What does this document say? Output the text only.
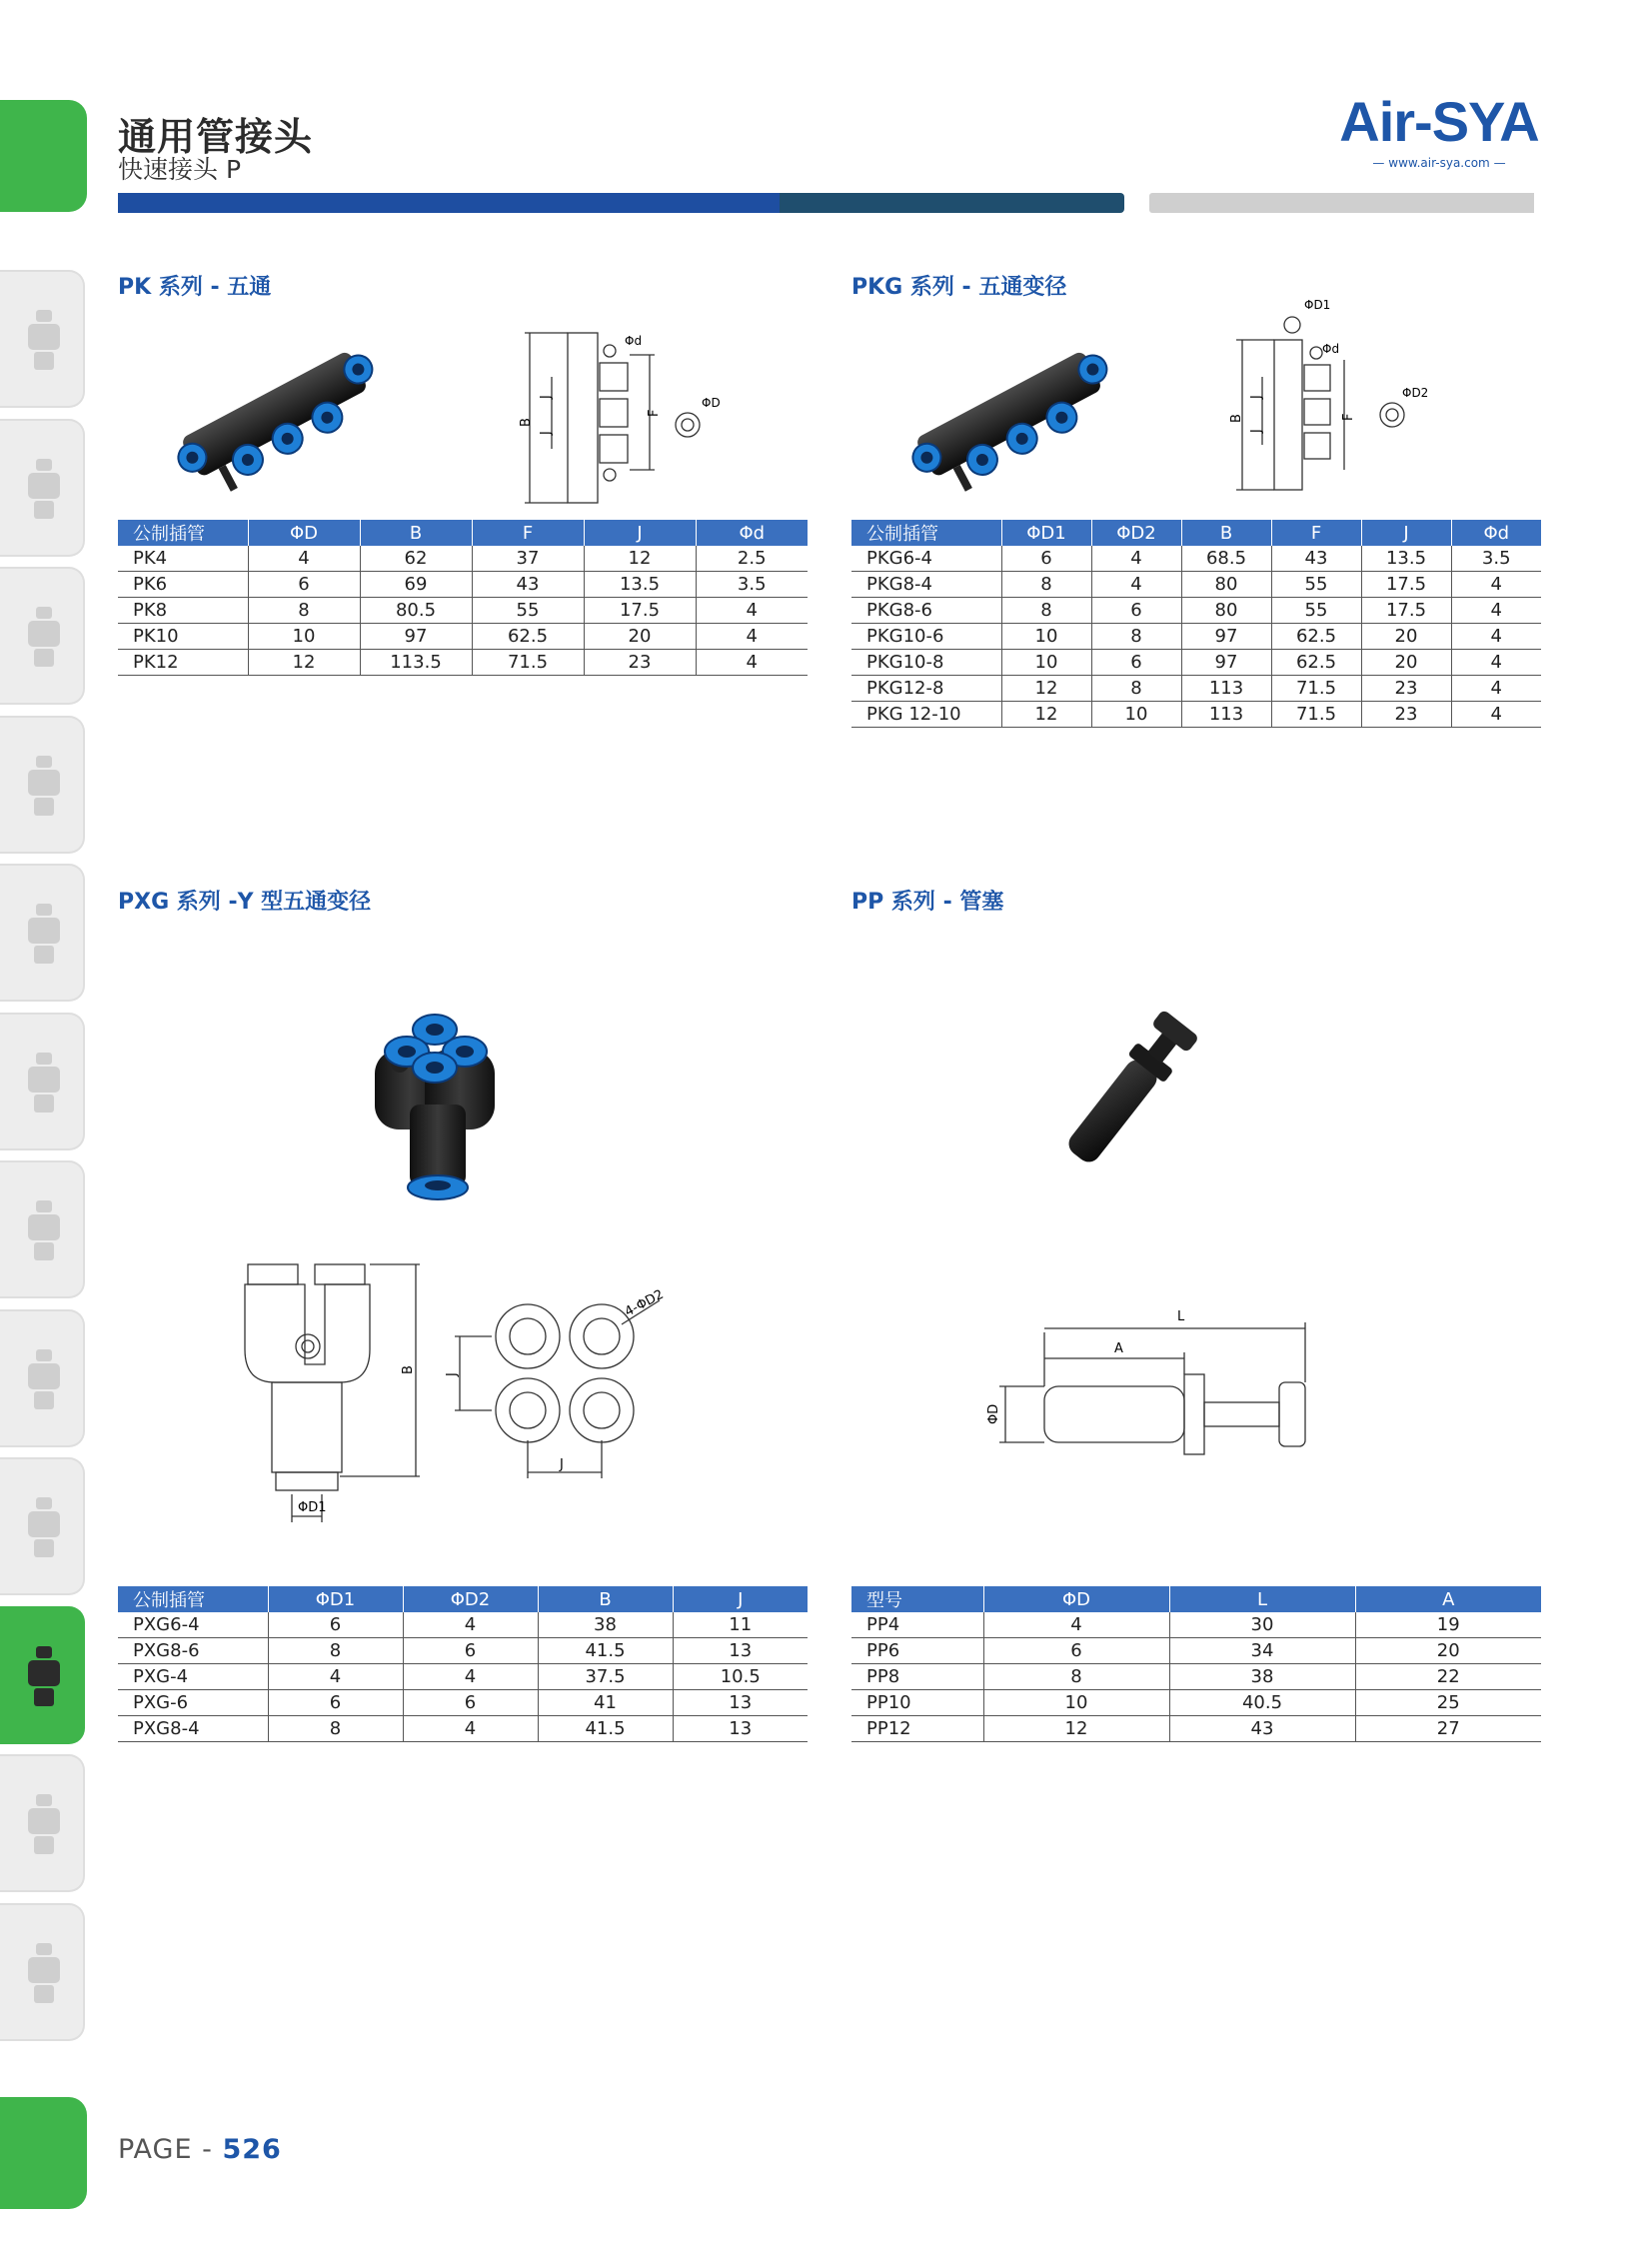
通用管接头
快速接头 P
Air-SYA
— www.air-sya.com —
PAGE - 526
PK 系列 - 五通
Φd
ΦD
B
J
J
F
公制插管	ΦD	B	F	J	Φd
PK4	4	62	37	12	2.5
PK6	6	69	43	13.5	3.5
PK8	8	80.5	55	17.5	4
PK10	10	97	62.5	20	4
PK12	12	113.5	71.5	23	4
PKG 系列 - 五通变径
ΦD1
Φd
ΦD2
B
J
J
F
公制插管	ΦD1	ΦD2	B	F	J	Φd
PKG6-4	6	4	68.5	43	13.5	3.5
PKG8-4	8	4	80	55	17.5	4
PKG8-6	8	6	80	55	17.5	4
PKG10-6	10	8	97	62.5	20	4
PKG10-8	10	6	97	62.5	20	4
PKG12-8	12	8	113	71.5	23	4
PKG 12-10	12	10	113	71.5	23	4
PXG 系列 -Y 型五通变径
B
ΦD1
J
J
4-ΦD2
公制插管	ΦD1	ΦD2	B	J
PXG6-4	6	4	38	11
PXG8-6	8	6	41.5	13
PXG-4	4	4	37.5	10.5
PXG-6	6	6	41	13
PXG8-4	8	4	41.5	13
PP 系列 - 管塞
L
A
ΦD
型号	ΦD	L	A
PP4	4	30	19
PP6	6	34	20
PP8	8	38	22
PP10	10	40.5	25
PP12	12	43	27
